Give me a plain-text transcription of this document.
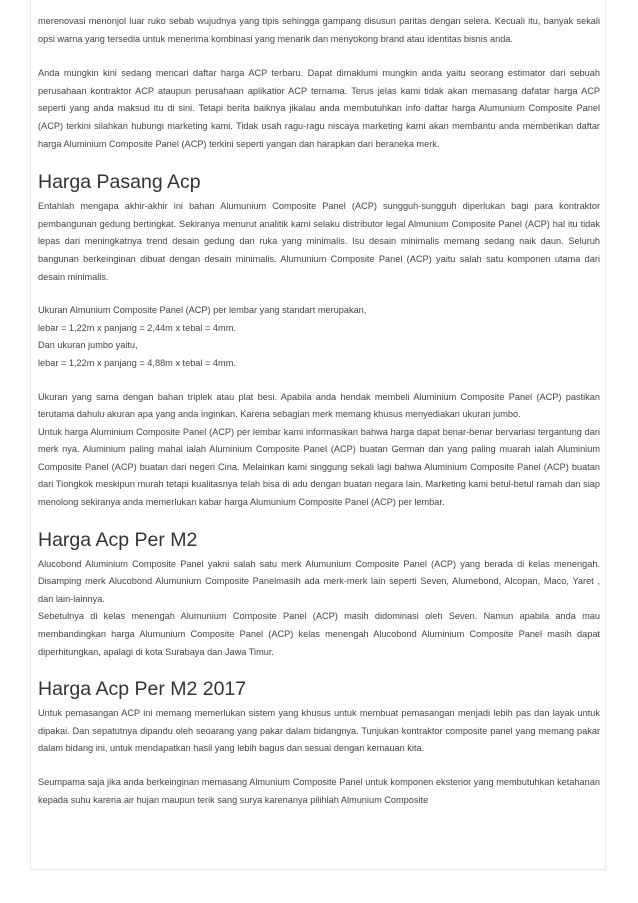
merenovasi menonjol luar ruko sebab wujudnya yang tipis sehingga gampang disusun paritas dengan selera. Kecuali itu, banyak sekali opsi warna yang tersedia untuk menerima kombinasi yang menarik dan menyokong brand atau identitas bisnis anda.

Anda mungkin kini sedang mencari daftar harga ACP terbaru. Dapat dimaklumi mungkin anda yaitu seorang estimator dari sebuah perusahaan kontraktor ACP ataupun perusahaan aplikatior ACP ternama. Terus jelas kami tidak akan memasang dafatar harga ACP seperti yang anda maksud itu di sini. Tetapi berita baiknya jikalau anda membutuhkan info daftar harga Alumunium Composite Panel (ACP) terkini silahkan hubungi marketing kami. Tidak usah ragu-ragu niscaya marketing kami akan membantu anda memberikan daftar harga Aluminium Composite Panel (ACP) terkini seperti yangan dan harapkan dari beraneka merk.

Harga Pasang Acp

Entahlah mengapa akhir-akhir ini bahan Alumunium Composite Panel (ACP) sungguh-sungguh diperlukan bagi para kontraktor pembangunan gedung bertingkat. Sekiranya menurut analitik kami selaku distributor legal Almunium Composite Panel (ACP) hal itu tidak lepas dari meningkatnya trend desain gedung dan ruka yang minimalis. Isu desain minimalis memang sedang naik daun. Seluruh bangunan berkeinginan dibuat dengan desain minimalis. Alumunium Composite Panel (ACP) yaitu salah satu komponen utama dari desain minimalis.

Ukuran Almunium Composite Panel (ACP) per lembar yang standart merupakan,
lebar = 1,22m x panjang = 2,44m x tebal = 4mm.
Dan ukuran jumbo yaitu,
lebar = 1,22m x panjang = 4,88m x tebal = 4mm.

Ukuran yang sama dengan bahan triplek atau plat besi. Apabila anda hendak membeli Aluminium Composite Panel (ACP) pastikan terutama dahulu akuran apa yang anda inginkan. Karena sebagian merk memang khusus menyediakan ukuran jumbo.

Untuk harga Aluminium Composite Panel (ACP) per lembar kami informasikan bahwa harga dapat benar-benar bervariasi tergantung dari merk nya. Aluminium paling mahal ialah Aluminium Composite Panel (ACP) buatan German dan yang paling muarah ialah Aluminium Composite Panel (ACP) buatan dari negeri Cina. Melainkan kami singgung sekali lagi bahwa Aluminium Composite Panel (ACP) buatan dari Tiongkok meskipun murah tetapi kualitasnya telah bisa di adu dengan buatan negara lain. Marketing kami betul-betul ramah dan siap menolong sekiranya anda memerlukan kabar harga Alumunium Composite Panel (ACP) per lembar.

Harga Acp Per M2

Alucobond Aluminium Composite Panel yakni salah satu merk Alumunium Composite Panel (ACP) yang berada di kelas menengah. Disamping merk Alucobond Alumunium Composite Panelmasih ada merk-merk lain seperti Seven, Alumebond, Alcopan, Maco, Yaret , dan lain-lainnya.

Sebetulnya di kelas menengah Alumunium Composite Panel (ACP) masih didominasi oleh Seven. Namun apabila anda mau membandingkan harga Alumunium Composite Panel (ACP) kelas menengah Alucobond Aluminium Composite Panel masih dapat diperhitungkan, apalagi di kota Surabaya dan Jawa Timur.

Harga Acp Per M2 2017

Untuk pemasangan ACP ini memang memerlukan sistem yang khusus untuk membuat pemasangan menjadi lebih pas dan layak untuk dipakai. Dan sepatutnya dipandu oleh seoarang yang pakar dalam bidangnya. Tunjukan kontraktor composite panel yang memang pakar dalam bidang ini, untuk mendapatkan hasil yang lebih bagus dan sesuai dengan kemauan kita.

Seumpama saja jika anda berkeinginan memasang Almunium Composite Panel untuk komponen eksterior yang membutuhkan ketahanan kepada suhu karena air hujan maupun terik sang surya karenanya pilihlah Almunium Composite
